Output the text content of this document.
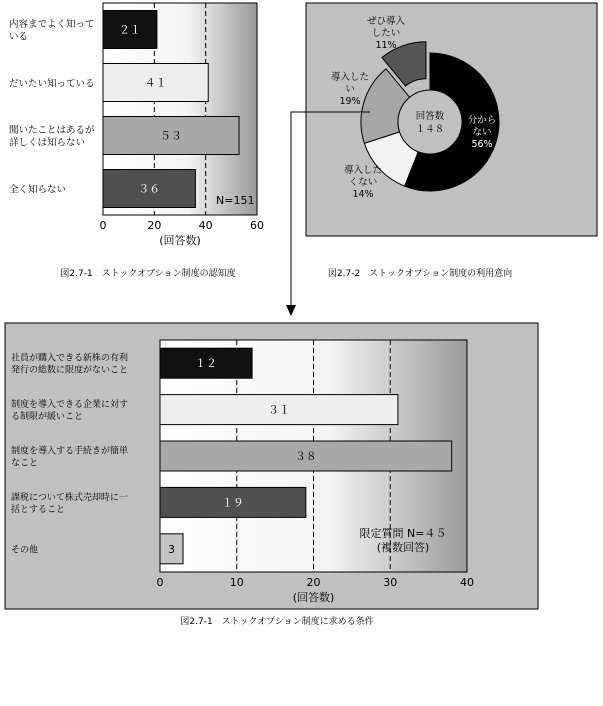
内容までよく知って
いる
だいたい知っている
聞いたことはあるが
詳しくは知らない
全く知らない
２１
４１
５３
３６
0	20	40	60
N=151
(回答数)
図2.7-1　ストックオプション制度の認知度
回答数
１４８
分から
ない
56%
導入した
くない
14%
導入した
い
19%
ぜひ導入
したい
11%
図2.7-2　ストックオプション制度の利用意向
社員が購入できる新株の有利
発行の総数に限度がないこと
制度を導入できる企業に対す
る制限が緩いこと
制度を導入する手続きが簡単
なこと
課税について株式売却時に一
括とすること
その他
１２
３１
３８
１９
3
0	10	20	30	40
限定質問 N=４５
(複数回答)
(回答数)
図2.7-1　ストックオプション制度に求める条件
